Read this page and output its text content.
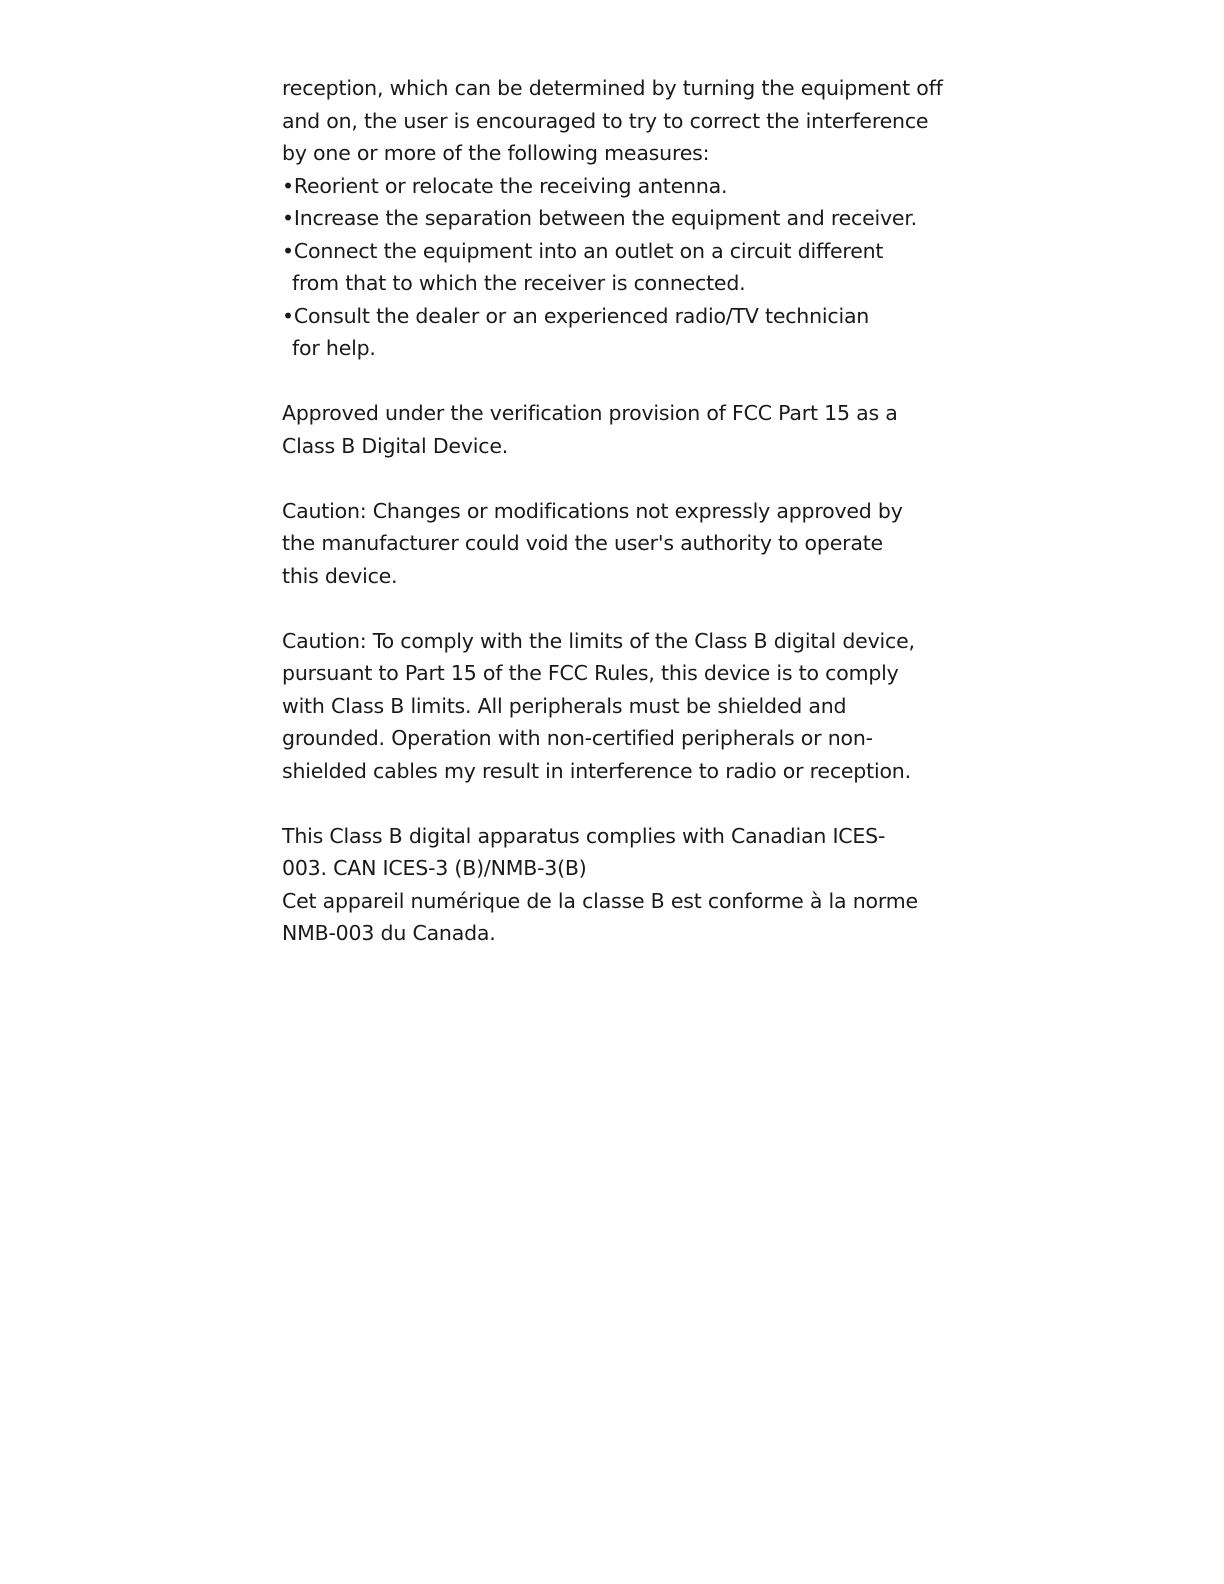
reception, which can be determined by turning the equipment off
and on, the user is encouraged to try to correct the interference
by one or more of the following measures:
•Reorient or relocate the receiving antenna.
•Increase the separation between the equipment and receiver.
•Connect the equipment into an outlet on a circuit different
from that to which the receiver is connected.
•Consult the dealer or an experienced radio/TV technician
for help.
Approved under the verification provision of FCC Part 15 as a
Class B Digital Device.
Caution: Changes or modifications not expressly approved by
the manufacturer could void the user's authority to operate
this device.
Caution: To comply with the limits of the Class B digital device,
pursuant to Part 15 of the FCC Rules, this device is to comply
with Class B limits. All peripherals must be shielded and
grounded. Operation with non-certified peripherals or non-
shielded cables my result in interference to radio or reception.
This Class B digital apparatus complies with Canadian ICES-
003. CAN ICES-3 (B)/NMB-3(B)
Cet appareil numérique de la classe B est conforme à la norme
NMB-003 du Canada.
